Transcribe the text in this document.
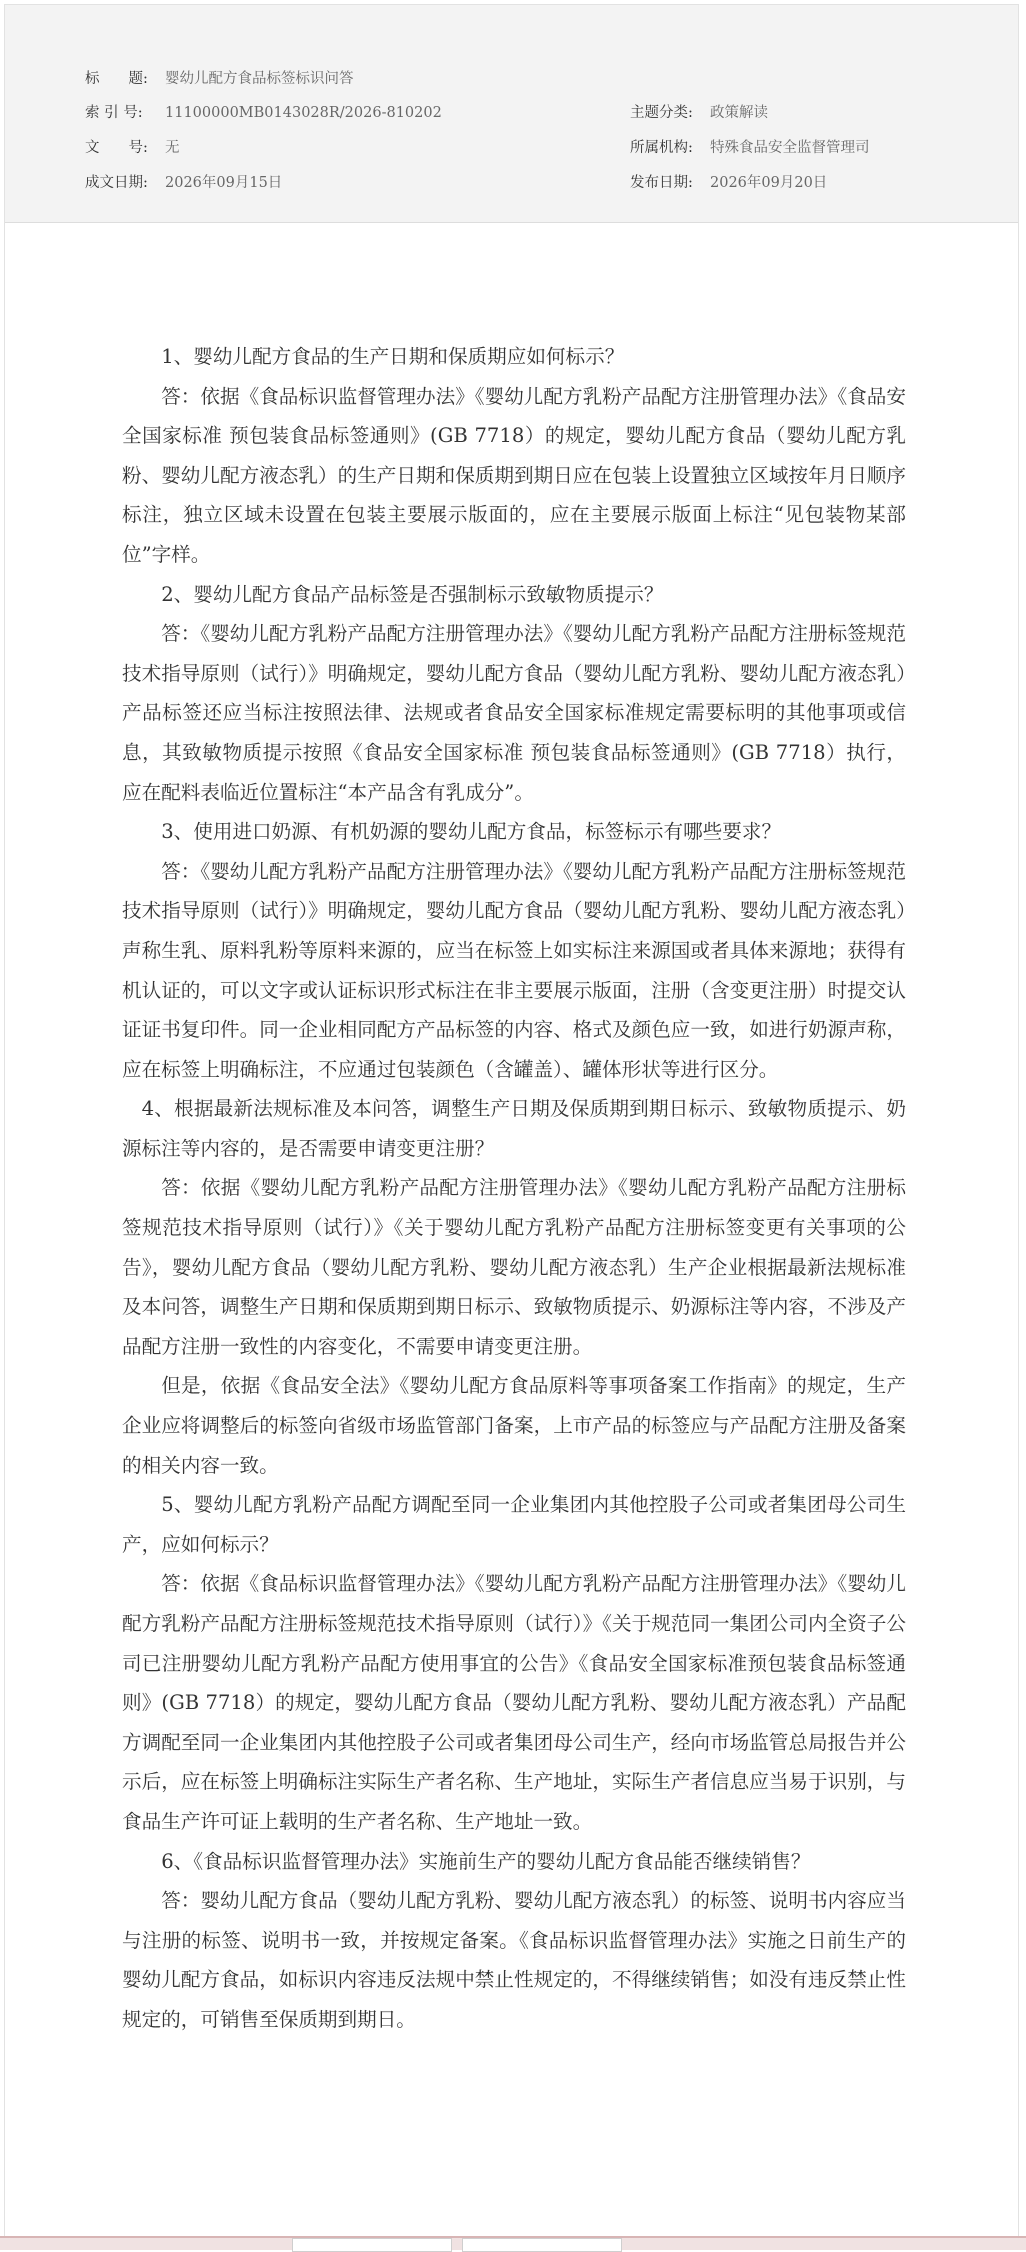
标　　题: 婴幼儿配方食品标签标识问答
索 引 号: 11100000MB0143028R/2026-810202	主题分类: 政策解读
文　　号: 无	所属机构: 特殊食品安全监督管理司
成文日期: 2026年09月15日	发布日期: 2026年09月20日

1、婴幼儿配方食品的生产日期和保质期应如何标示？

答：依据《食品标识监督管理办法》《婴幼儿配方乳粉产品配方注册管理办法》《食品安全国家标准 预包装食品标签通则》(GB 7718）的规定，婴幼儿配方食品（婴幼儿配方乳粉、婴幼儿配方液态乳）的生产日期和保质期到期日应在包装上设置独立区域按年月日顺序标注，独立区域未设置在包装主要展示版面的，应在主要展示版面上标注“见包装物某部位”字样。

2、婴幼儿配方食品产品标签是否强制标示致敏物质提示？

答：《婴幼儿配方乳粉产品配方注册管理办法》《婴幼儿配方乳粉产品配方注册标签规范技术指导原则（试行）》明确规定，婴幼儿配方食品（婴幼儿配方乳粉、婴幼儿配方液态乳）产品标签还应当标注按照法律、法规或者食品安全国家标准规定需要标明的其他事项或信息，其致敏物质提示按照《食品安全国家标准 预包装食品标签通则》(GB 7718）执行，应在配料表临近位置标注“本产品含有乳成分”。

3、使用进口奶源、有机奶源的婴幼儿配方食品，标签标示有哪些要求？

答：《婴幼儿配方乳粉产品配方注册管理办法》《婴幼儿配方乳粉产品配方注册标签规范技术指导原则（试行）》明确规定，婴幼儿配方食品（婴幼儿配方乳粉、婴幼儿配方液态乳）声称生乳、原料乳粉等原料来源的，应当在标签上如实标注来源国或者具体来源地；获得有机认证的，可以文字或认证标识形式标注在非主要展示版面，注册（含变更注册）时提交认证证书复印件。同一企业相同配方产品标签的内容、格式及颜色应一致，如进行奶源声称，应在标签上明确标注，不应通过包装颜色（含罐盖）、罐体形状等进行区分。

4、根据最新法规标准及本问答，调整生产日期及保质期到期日标示、致敏物质提示、奶源标注等内容的，是否需要申请变更注册？

答：依据《婴幼儿配方乳粉产品配方注册管理办法》《婴幼儿配方乳粉产品配方注册标签规范技术指导原则（试行）》《关于婴幼儿配方乳粉产品配方注册标签变更有关事项的公告》，婴幼儿配方食品（婴幼儿配方乳粉、婴幼儿配方液态乳）生产企业根据最新法规标准及本问答，调整生产日期和保质期到期日标示、致敏物质提示、奶源标注等内容，不涉及产品配方注册一致性的内容变化，不需要申请变更注册。

但是，依据《食品安全法》《婴幼儿配方食品原料等事项备案工作指南》的规定，生产企业应将调整后的标签向省级市场监管部门备案，上市产品的标签应与产品配方注册及备案的相关内容一致。

5、婴幼儿配方乳粉产品配方调配至同一企业集团内其他控股子公司或者集团母公司生产，应如何标示？

答：依据《食品标识监督管理办法》《婴幼儿配方乳粉产品配方注册管理办法》《婴幼儿配方乳粉产品配方注册标签规范技术指导原则（试行）》《关于规范同一集团公司内全资子公司已注册婴幼儿配方乳粉产品配方使用事宜的公告》《食品安全国家标准预包装食品标签通则》(GB 7718）的规定，婴幼儿配方食品（婴幼儿配方乳粉、婴幼儿配方液态乳）产品配方调配至同一企业集团内其他控股子公司或者集团母公司生产，经向市场监管总局报告并公示后，应在标签上明确标注实际生产者名称、生产地址，实际生产者信息应当易于识别，与食品生产许可证上载明的生产者名称、生产地址一致。

6、《食品标识监督管理办法》实施前生产的婴幼儿配方食品能否继续销售？

答：婴幼儿配方食品（婴幼儿配方乳粉、婴幼儿配方液态乳）的标签、说明书内容应当与注册的标签、说明书一致，并按规定备案。《食品标识监督管理办法》实施之日前生产的婴幼儿配方食品，如标识内容违反法规中禁止性规定的，不得继续销售；如没有违反禁止性规定的，可销售至保质期到期日。
